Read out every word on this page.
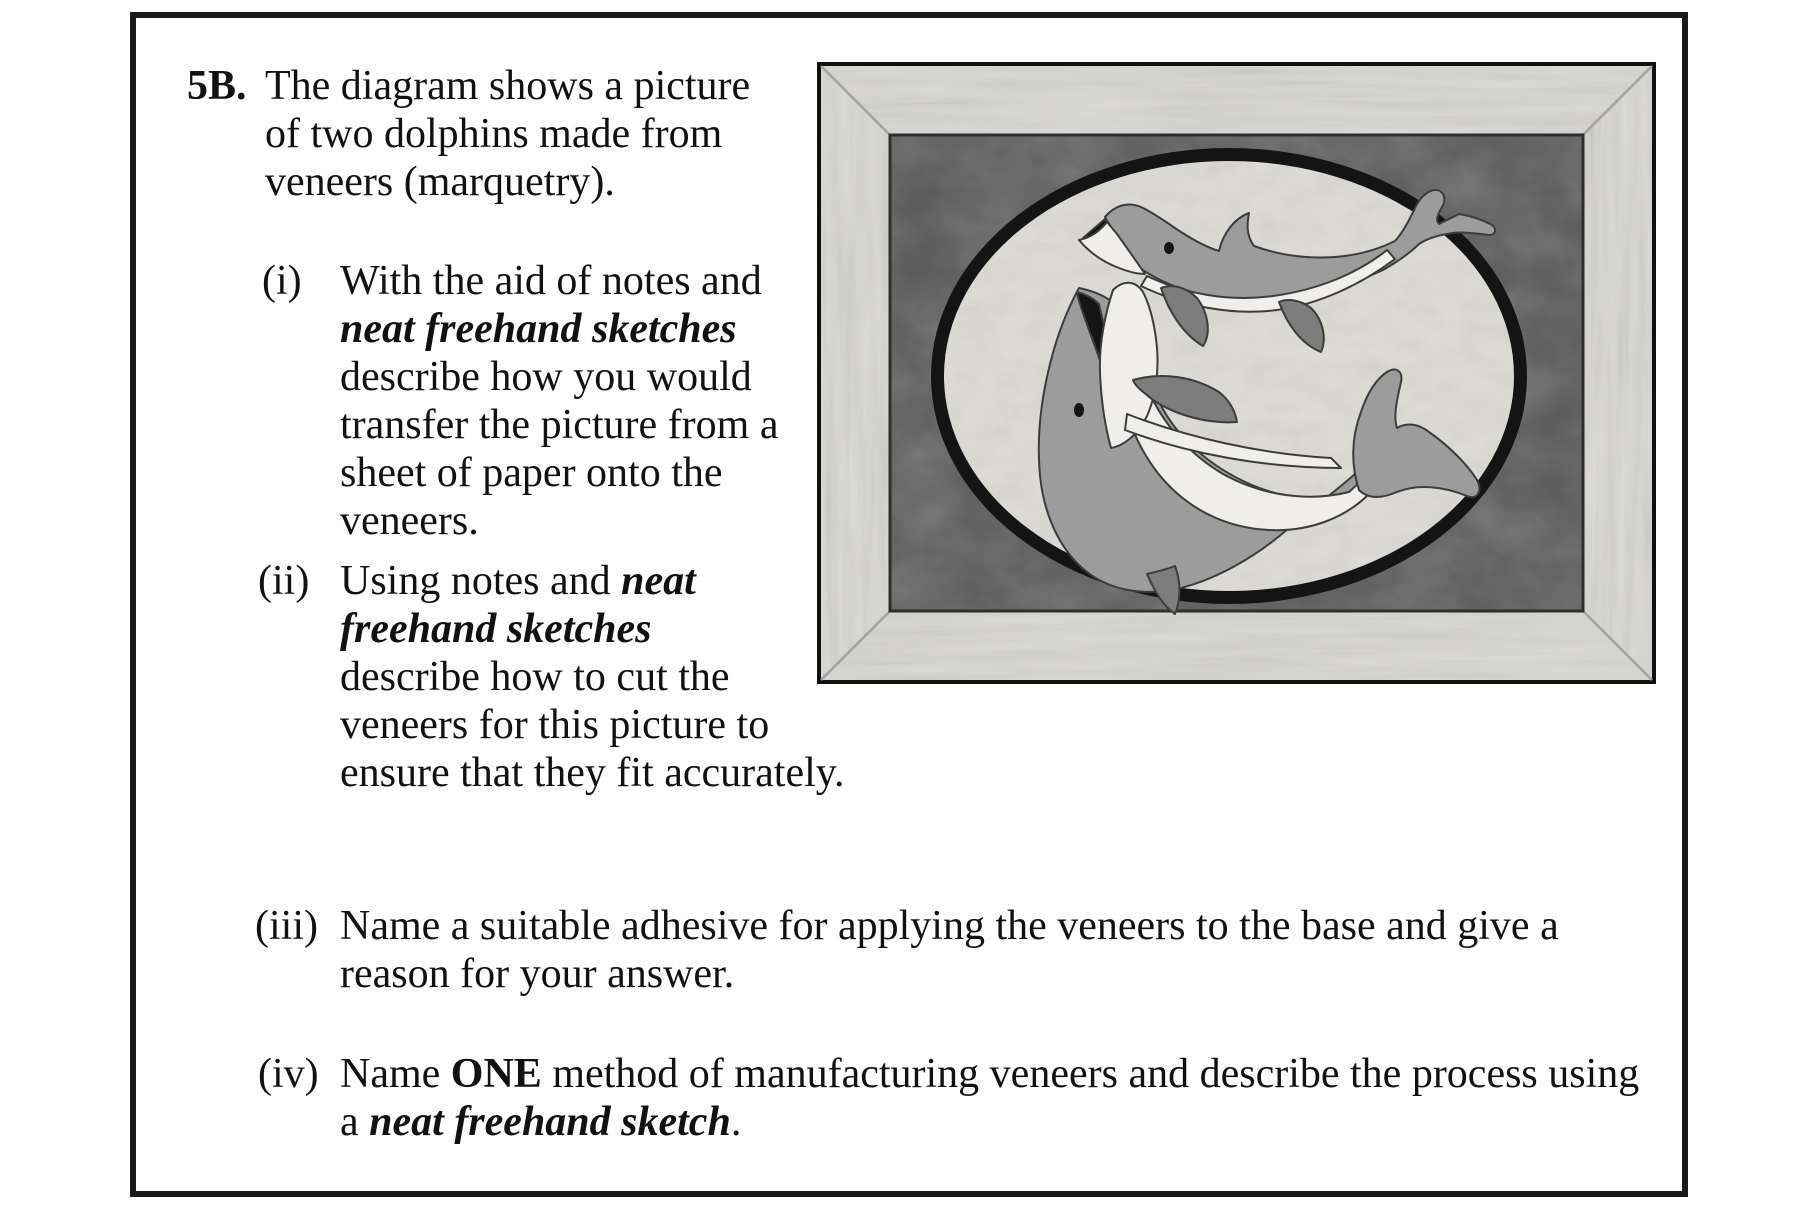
5B. The diagram shows a picture
of two dolphins made from
veneers (marquetry).
(i) With the aid of notes and
neat freehand sketches
describe how you would
transfer the picture from a
sheet of paper onto the
veneers.
(ii) Using notes and neat
freehand sketches
describe how to cut the
veneers for this picture to
ensure that they fit accurately.
(iii) Name a suitable adhesive for applying the veneers to the base and give a
reason for your answer.
(iv) Name ONE method of manufacturing veneers and describe the process using
a neat freehand sketch.
